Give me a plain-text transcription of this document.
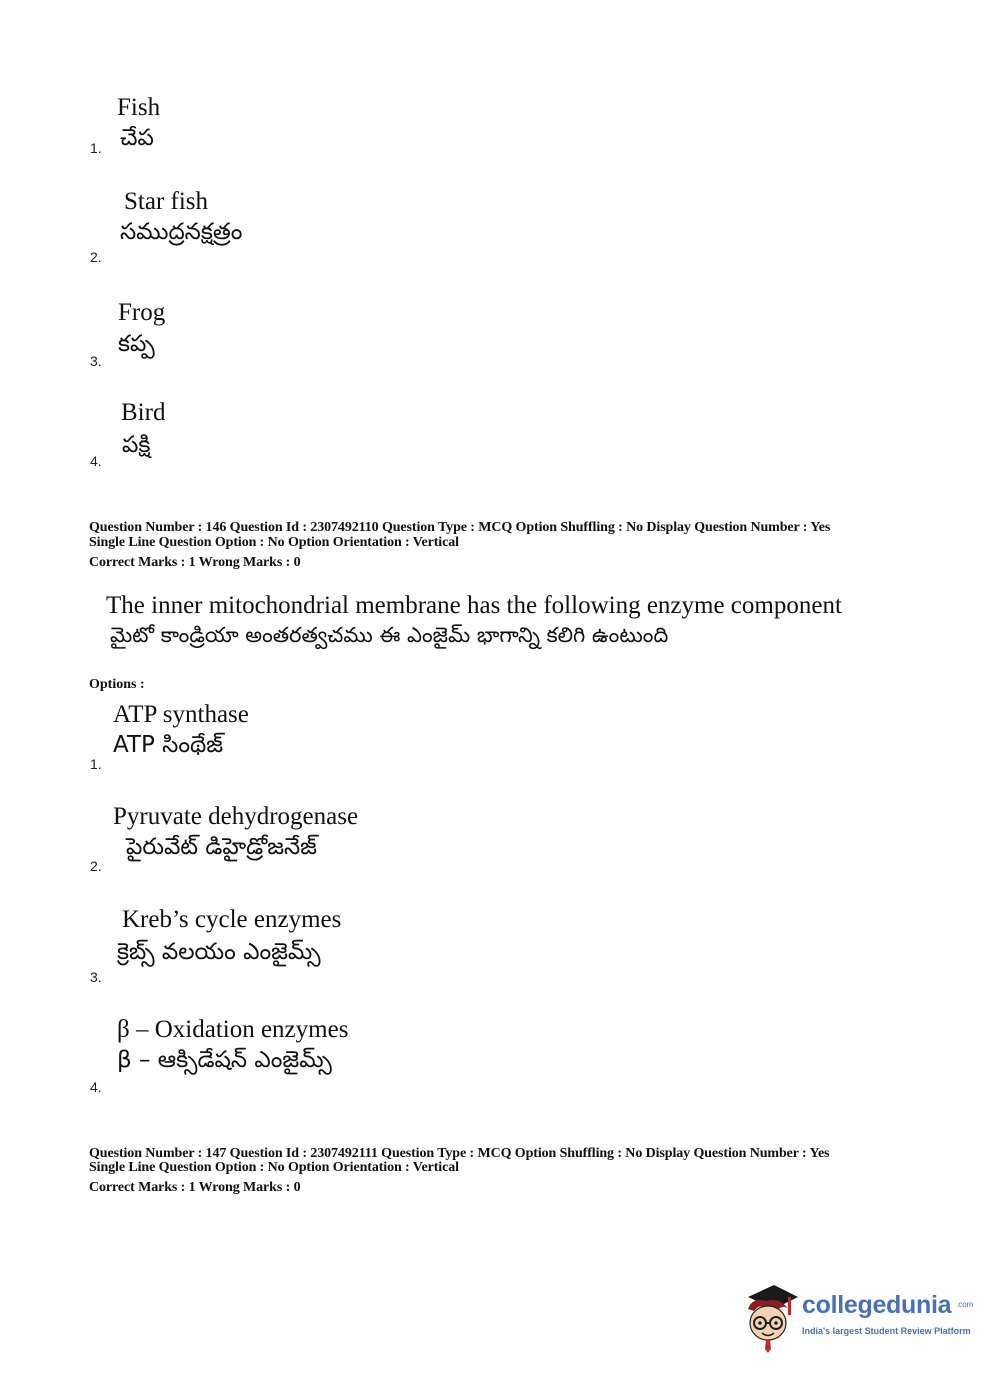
Fish
చేప
1.
Star fish
సముద్రనక్షత్రం
2.
Frog
కప్ప
3.
Bird
పక్షి
4.
Question Number : 146 Question Id : 2307492110 Question Type : MCQ Option Shuffling : No Display Question Number : Yes
Single Line Question Option : No Option Orientation : Vertical
Correct Marks : 1 Wrong Marks : 0
The inner mitochondrial membrane has the following enzyme component
మైటో కాండ్రియా అంతరత్వచము ఈ ఎంజైమ్ భాగాన్ని కలిగి ఉంటుంది
Options :
ATP synthase
ATP సింథేజ్
1.
Pyruvate dehydrogenase
పైరువేట్ డిహైడ్రోజనేజ్
2.
Kreb’s cycle enzymes
క్రెబ్స్ వలయం ఎంజైమ్స్
3.
β – Oxidation enzymes
β – ఆక్సిడేషన్ ఎంజైమ్స్
4.
Question Number : 147 Question Id : 2307492111 Question Type : MCQ Option Shuffling : No Display Question Number : Yes
Single Line Question Option : No Option Orientation : Vertical
Correct Marks : 1 Wrong Marks : 0
collegedunia .com
India's largest Student Review Platform
